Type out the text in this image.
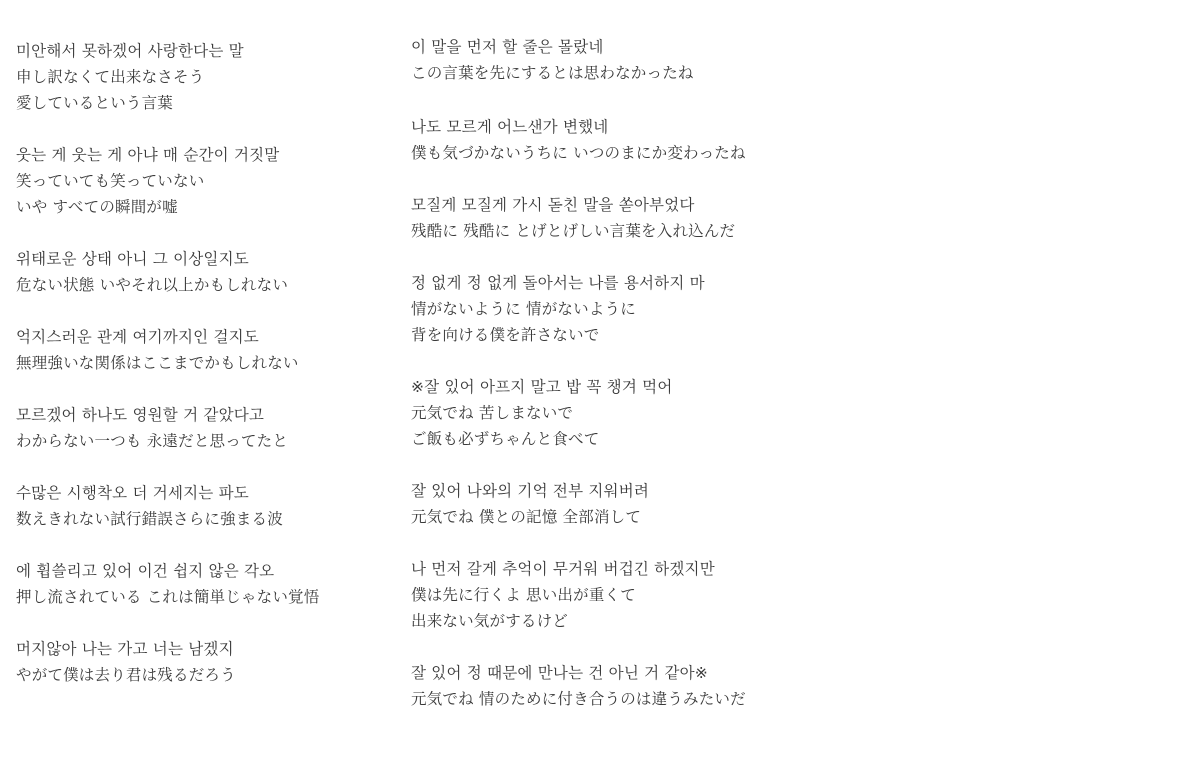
미안해서 못하겠어 사랑한다는 말
申し訳なくて出来なさそう
愛しているという言葉
웃는 게 웃는 게 아냐 매 순간이 거짓말
笑っていても笑っていない
いや すべての瞬間が嘘
위태로운 상태 아니 그 이상일지도
危ない状態 いやそれ以上かもしれない
억지스러운 관계 여기까지인 걸지도
無理強いな関係はここまでかもしれない
모르겠어 하나도 영원할 거 같았다고
わからない一つも 永遠だと思ってたと
수많은 시행착오 더 거세지는 파도
数えきれない試行錯誤さらに強まる波
에 휩쓸리고 있어 이건 쉽지 않은 각오
押し流されている これは簡単じゃない覚悟
머지않아 나는 가고 너는 남겠지
やがて僕は去り君は残るだろう
이 말을 먼저 할 줄은 몰랐네
この言葉を先にするとは思わなかったね
나도 모르게 어느샌가 변했네
僕も気づかないうちに いつのまにか変わったね
모질게 모질게 가시 돋친 말을 쏟아부었다
残酷に 残酷に とげとげしい言葉を入れ込んだ
정 없게 정 없게 돌아서는 나를 용서하지 마
情がないように 情がないように
背を向ける僕を許さないで
※잘 있어 아프지 말고 밥 꼭 챙겨 먹어
元気でね 苦しまないで
ご飯も必ずちゃんと食べて
잘 있어 나와의 기억 전부 지워버려
元気でね 僕との記憶 全部消して
나 먼저 갈게 추억이 무거워 버겁긴 하겠지만
僕は先に行くよ 思い出が重くて
出来ない気がするけど
잘 있어 정 때문에 만나는 건 아닌 거 같아※
元気でね 情のために付き合うのは違うみたいだ
